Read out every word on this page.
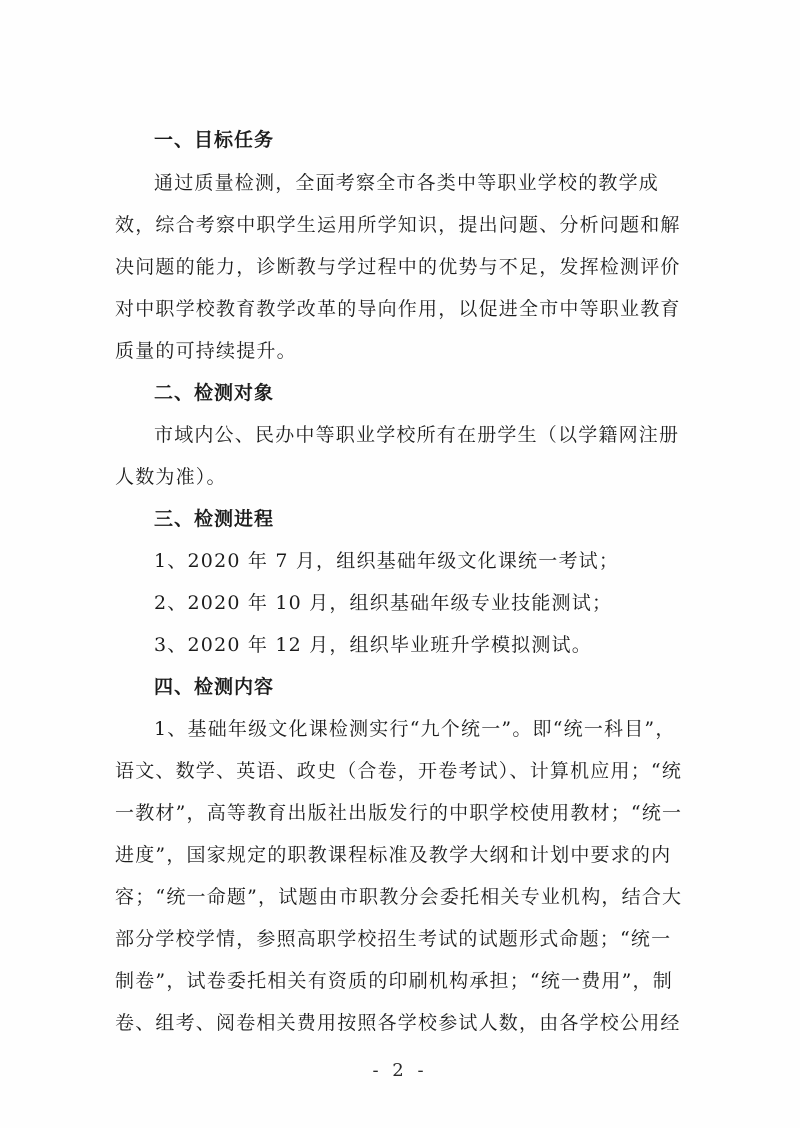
一、目标任务
通过质量检测，全面考察全市各类中等职业学校的教学成
效，综合考察中职学生运用所学知识，提出问题、分析问题和解
决问题的能力，诊断教与学过程中的优势与不足，发挥检测评价
对中职学校教育教学改革的导向作用，以促进全市中等职业教育
质量的可持续提升。
二、检测对象
市域内公、民办中等职业学校所有在册学生（以学籍网注册
人数为准）。
三、检测进程
1、2020 年 7 月，组织基础年级文化课统一考试；
2、2020 年 10 月，组织基础年级专业技能测试；
3、2020 年 12 月，组织毕业班升学模拟测试。
四、检测内容
1、基础年级文化课检测实行“九个统一”。即“统一科目”，
语文、数学、英语、政史（合卷，开卷考试）、计算机应用；“统
一教材”，高等教育出版社出版发行的中职学校使用教材；“统一
进度”，国家规定的职教课程标准及教学大纲和计划中要求的内
容；“统一命题”，试题由市职教分会委托相关专业机构，结合大
部分学校学情，参照高职学校招生考试的试题形式命题；“统一
制卷”，试卷委托相关有资质的印刷机构承担；“统一费用”，制
- 2 -
卷、组考、阅卷相关费用按照各学校参试人数，由各学校公用经
